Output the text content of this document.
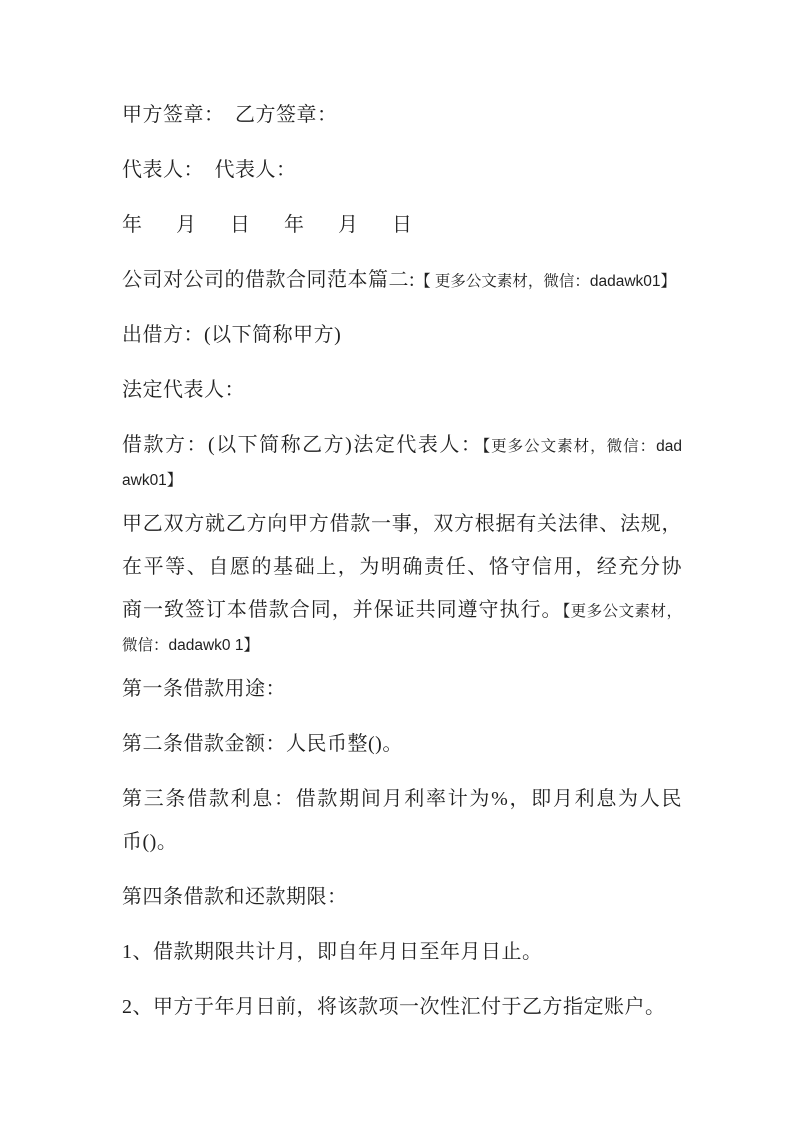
甲方签章：　乙方签章：
代表人：　代表人：
年　月　日　年　月　日
公司对公司的借款合同范本篇二:【 更多公文素材，微信：dadawk01】
出借方：(以下简称甲方)
法定代表人：
借款方：(以下简称乙方)法定代表人：【更多公文素材，微信：dad
awk01】
甲乙双方就乙方向甲方借款一事，双方根据有关法律、法规，
在平等、自愿的基础上，为明确责任、恪守信用，经充分协
商一致签订本借款合同，并保证共同遵守执行。【更多公文素材，
微信：dadawk0 1】
第一条借款用途：
第二条借款金额：人民币整()。
第三条借款利息：借款期间月利率计为%，即月利息为人民
币()。
第四条借款和还款期限：
1、借款期限共计月，即自年月日至年月日止。
2、甲方于年月日前，将该款项一次性汇付于乙方指定账户。
